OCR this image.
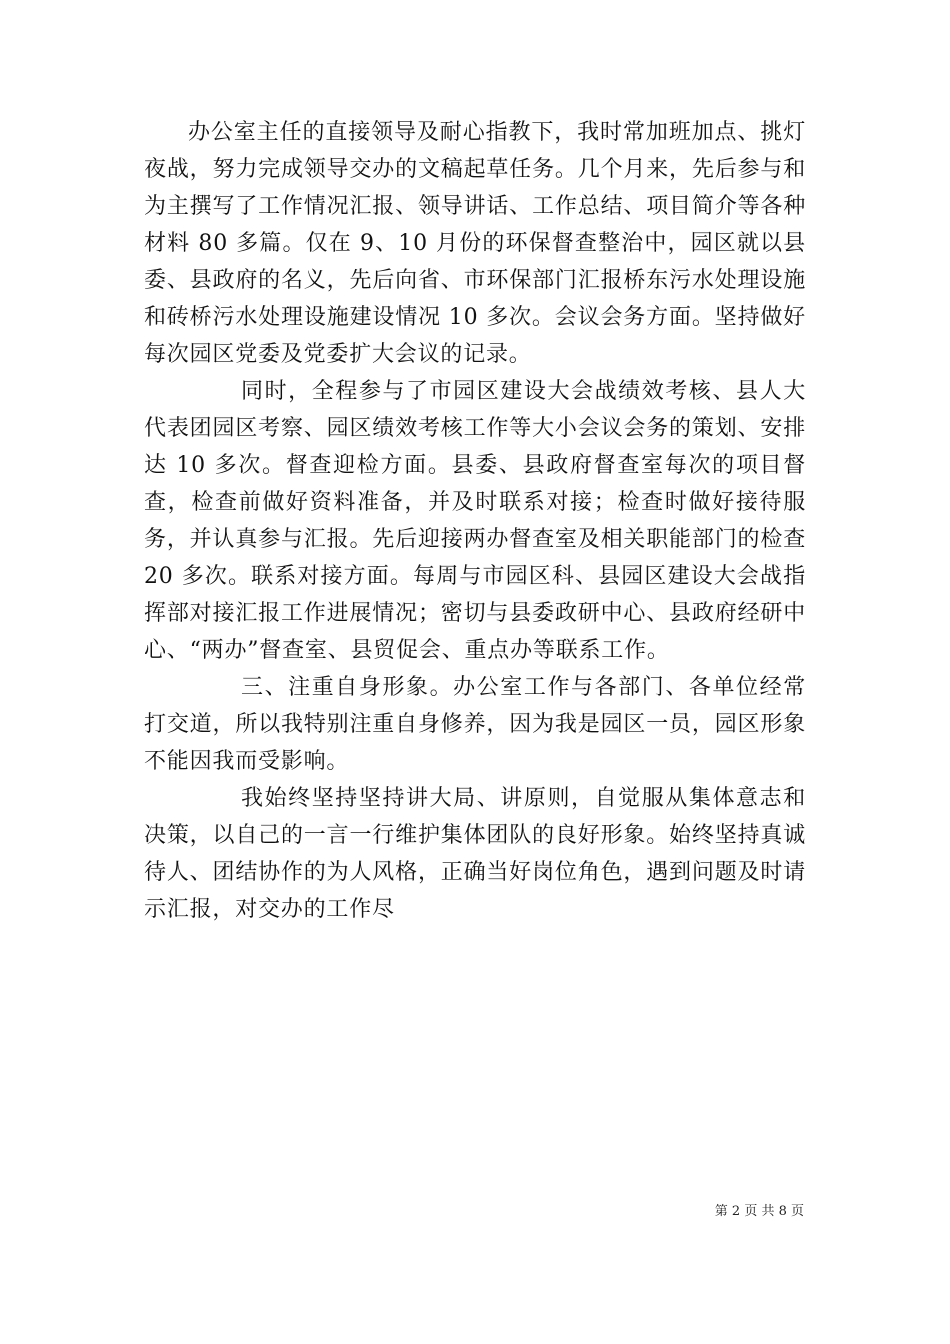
办公室主任的直接领导及耐心指教下，我时常加班加点、挑灯夜战，努力完成领导交办的文稿起草任务。几个月来，先后参与和为主撰写了工作情况汇报、领导讲话、工作总结、项目简介等各种材料 80 多篇。仅在 9、10 月份的环保督查整治中，园区就以县委、县政府的名义，先后向省、市环保部门汇报桥东污水处理设施和砖桥污水处理设施建设情况 10 多次。会议会务方面。坚持做好每次园区党委及党委扩大会议的记录。

同时，全程参与了市园区建设大会战绩效考核、县人大代表团园区考察、园区绩效考核工作等大小会议会务的策划、安排达 10 多次。督查迎检方面。县委、县政府督查室每次的项目督查，检查前做好资料准备，并及时联系对接；检查时做好接待服务，并认真参与汇报。先后迎接两办督查室及相关职能部门的检查 20 多次。联系对接方面。每周与市园区科、县园区建设大会战指挥部对接汇报工作进展情况；密切与县委政研中心、县政府经研中心、“两办”督查室、县贸促会、重点办等联系工作。

三、注重自身形象。办公室工作与各部门、各单位经常打交道，所以我特别注重自身修养，因为我是园区一员，园区形象不能因我而受影响。

我始终坚持坚持讲大局、讲原则，自觉服从集体意志和决策，以自己的一言一行维护集体团队的良好形象。始终坚持真诚待人、团结协作的为人风格，正确当好岗位角色，遇到问题及时请示汇报，对交办的工作尽

第 2 页 共 8 页
